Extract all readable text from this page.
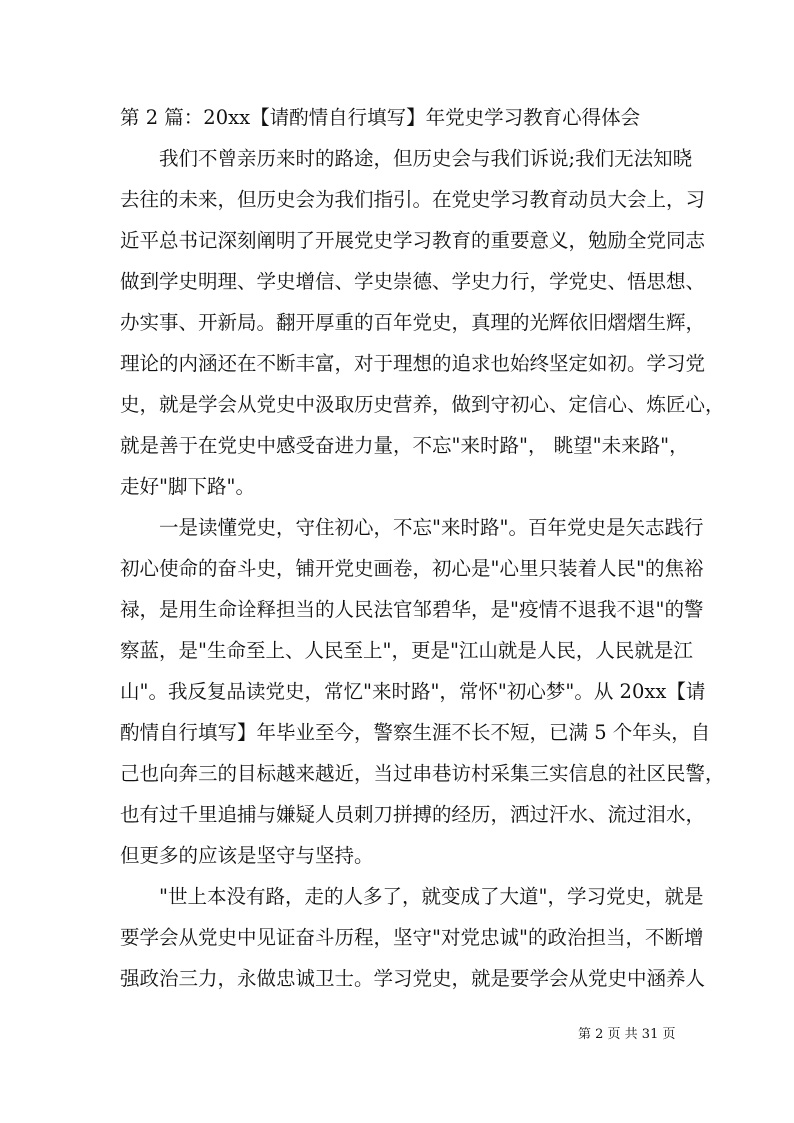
第 2 篇：20xx【请酌情自行填写】年党史学习教育心得体会

我们不曾亲历来时的路途，但历史会与我们诉说;我们无法知晓

去往的未来，但历史会为我们指引。在党史学习教育动员大会上，习

近平总书记深刻阐明了开展党史学习教育的重要意义，勉励全党同志

做到学史明理、学史增信、学史崇德、学史力行，学党史、悟思想、

办实事、开新局。翻开厚重的百年党史，真理的光辉依旧熠熠生辉，

理论的内涵还在不断丰富，对于理想的追求也始终坚定如初。学习党

史，就是学会从党史中汲取历史营养，做到守初心、定信心、炼匠心，

就是善于在党史中感受奋进力量，不忘"来时路"， 眺望"未来路"，

走好"脚下路"。

一是读懂党史，守住初心，不忘"来时路"。百年党史是矢志践行

初心使命的奋斗史，铺开党史画卷，初心是"心里只装着人民"的焦裕

禄，是用生命诠释担当的人民法官邹碧华，是"疫情不退我不退"的警

察蓝，是"生命至上、人民至上"，更是"江山就是人民，人民就是江

山"。我反复品读党史，常忆"来时路"，常怀"初心梦"。从 20xx【请

酌情自行填写】年毕业至今，警察生涯不长不短，已满 5 个年头，自

己也向奔三的目标越来越近，当过串巷访村采集三实信息的社区民警，

也有过千里追捕与嫌疑人员刺刀拼搏的经历，洒过汗水、流过泪水，

但更多的应该是坚守与坚持。

"世上本没有路，走的人多了，就变成了大道"，学习党史，就是

要学会从党史中见证奋斗历程，坚守"对党忠诚"的政治担当，不断增

强政治三力，永做忠诚卫士。学习党史，就是要学会从党史中涵养人

第 2 页 共 31 页
